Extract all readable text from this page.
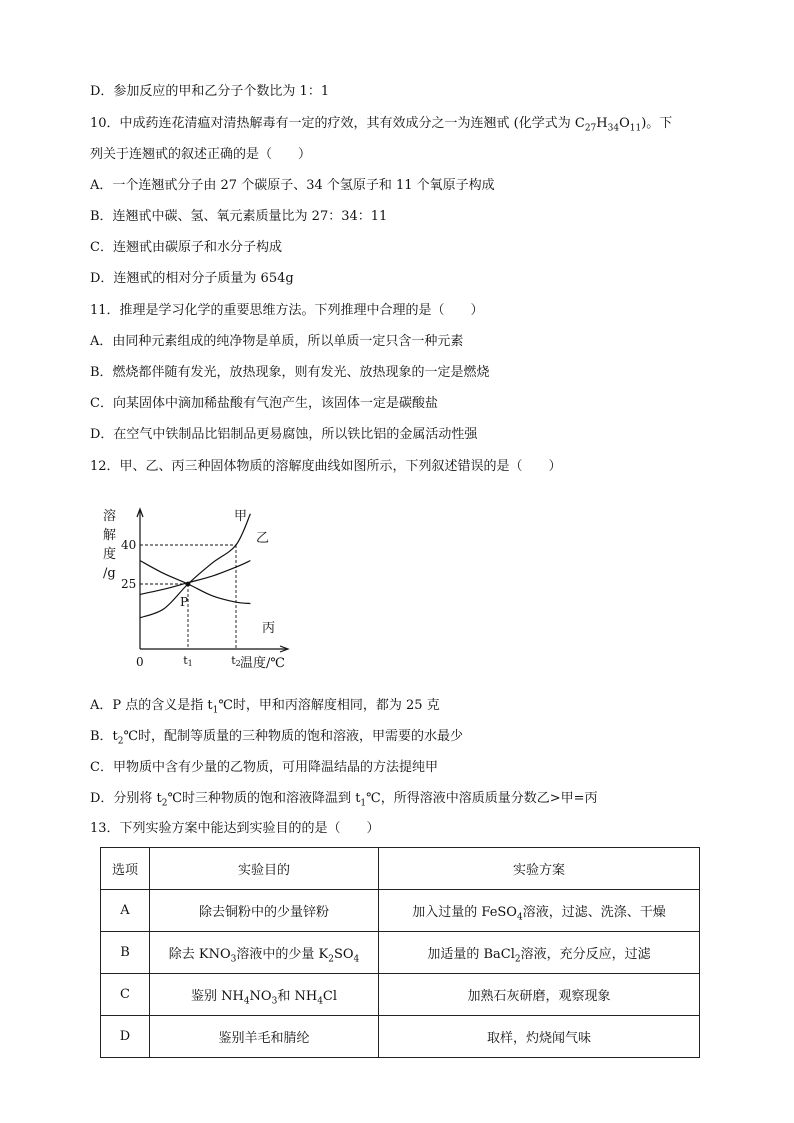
D．参加反应的甲和乙分子个数比为 1：1
10．中成药连花清瘟对清热解毒有一定的疗效，其有效成分之一为连翘甙 (化学式为 $C_{27}H_{34}O_{11}$)。下
列关于连翘甙的叙述正确的是（　　）
A．一个连翘甙分子由 27 个碳原子、34 个氢原子和 11 个氧原子构成
B．连翘甙中碳、氢、氧元素质量比为 27：34：11
C．连翘甙由碳原子和水分子构成
D．连翘甙的相对分子质量为 654g
11．推理是学习化学的重要思维方法。下列推理中合理的是（　　）
A．由同种元素组成的纯净物是单质，所以单质一定只含一种元素
B．燃烧都伴随有发光，放热现象，则有发光、放热现象的一定是燃烧
C．向某固体中滴加稀盐酸有气泡产生，该固体一定是碳酸盐
D．在空气中铁制品比铝制品更易腐蚀，所以铁比铝的金属活动性强
12．甲、乙、丙三种固体物质的溶解度曲线如图所示，下列叙述错误的是（　　）
溶
解
度
/g
40
25
0	t1	t2 温度/℃
甲
乙
丙
P
A．P 点的含义是指 $t_1℃$时，甲和丙溶解度相同，都为 25 克
B．$t_2℃$时，配制等质量的三种物质的饱和溶液，甲需要的水最少
C．甲物质中含有少量的乙物质，可用降温结晶的方法提纯甲
D．分别将 $t_2℃$时三种物质的饱和溶液降温到 $t_1℃$，所得溶液中溶质质量分数乙>甲=丙
13．下列实验方案中能达到实验目的的是（　　）
选项	实验目的	实验方案
A	除去铜粉中的少量锌粉	加入过量的 FeSO$_4$溶液，过滤、洗涤、干燥
B	除去 $KNO_3$溶液中的少量 $K_2SO_4$	加适量的 BaCl$_2$溶液，充分反应，过滤
C	鉴别 $NH_4NO_3$和 $NH_4Cl$	加熟石灰研磨，观察现象
D	鉴别羊毛和腈纶	取样，灼烧闻气味
